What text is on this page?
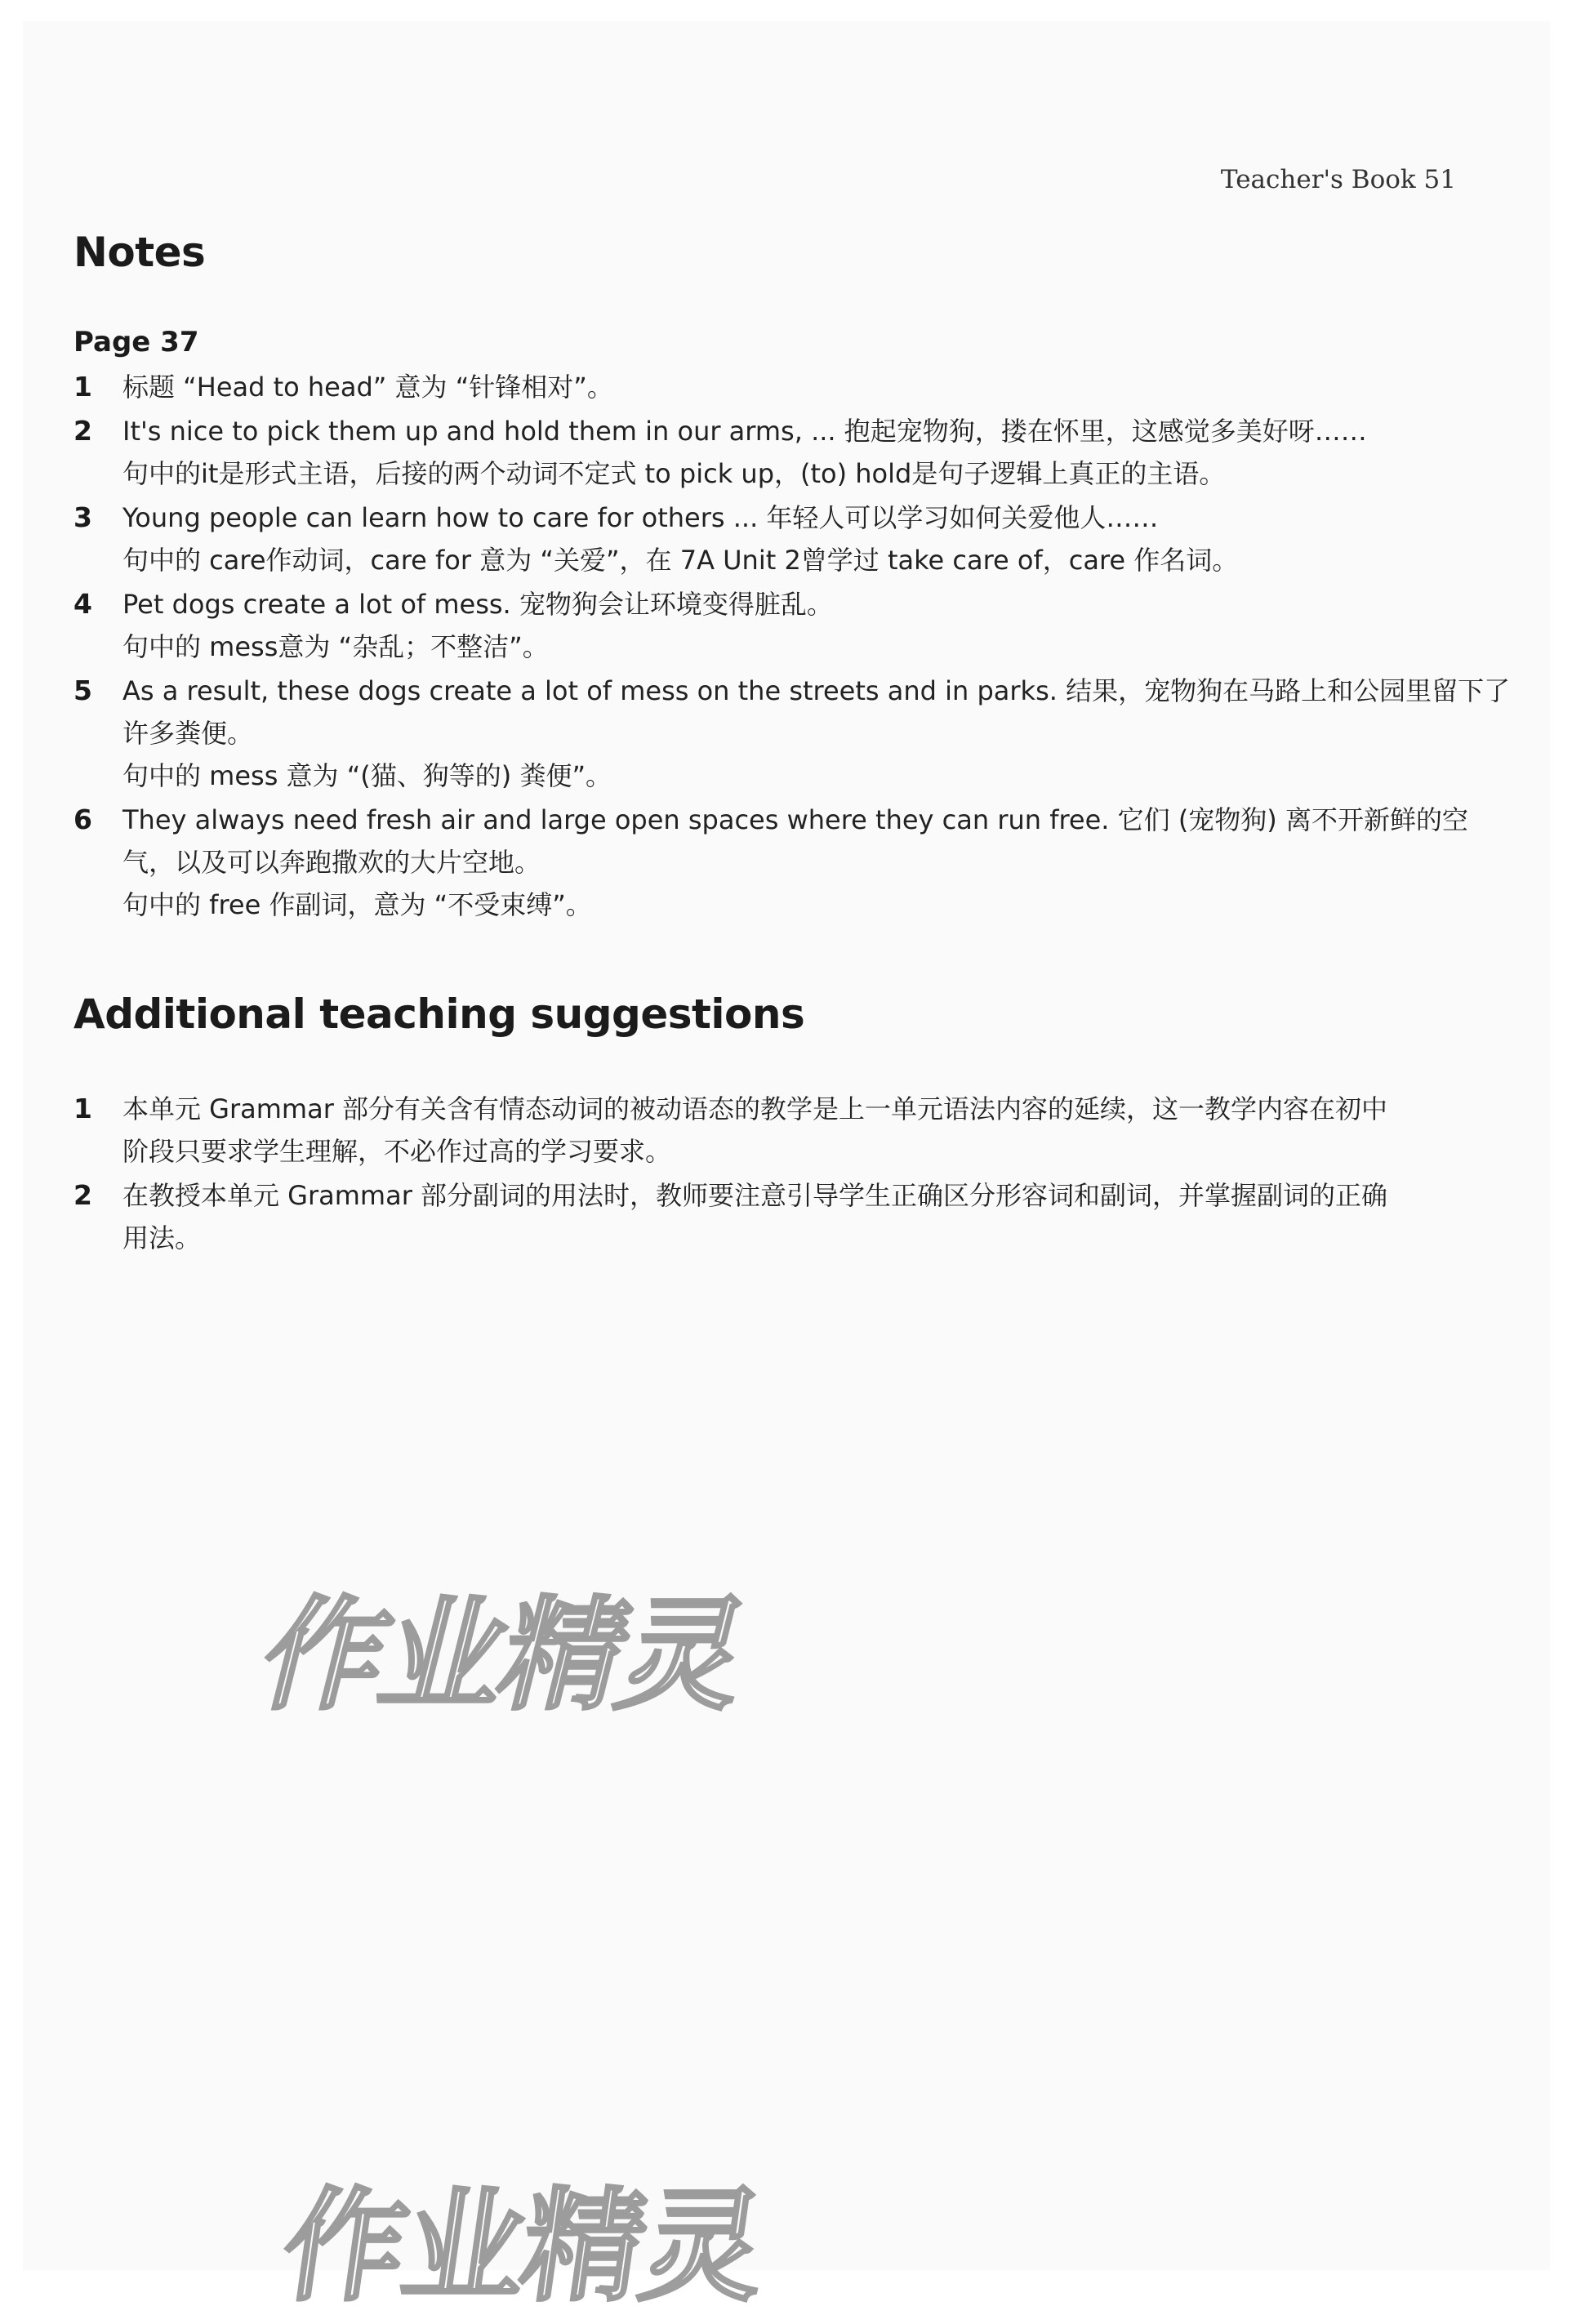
Teacher's Book 51
Notes
Page 37
1 标题 “Head to head” 意为 “针锋相对”。
2 It's nice to pick them up and hold them in our arms, ... 抱起宠物狗，搂在怀里，这感觉多美好呀……
句中的it是形式主语，后接的两个动词不定式 to pick up，(to) hold是句子逻辑上真正的主语。
3 Young people can learn how to care for others ... 年轻人可以学习如何关爱他人……
句中的 care作动词，care for 意为 “关爱”，在 7A Unit 2曾学过 take care of，care 作名词。
4 Pet dogs create a lot of mess. 宠物狗会让环境变得脏乱。
句中的 mess意为 “杂乱；不整洁”。
5 As a result, these dogs create a lot of mess on the streets and in parks. 结果，宠物狗在马路上和公园里留下了
许多粪便。
句中的 mess 意为 “(猫、狗等的) 粪便”。
6 They always need fresh air and large open spaces where they can run free. 它们 (宠物狗) 离不开新鲜的空
气，以及可以奔跑撒欢的大片空地。
句中的 free 作副词，意为 “不受束缚”。
Additional teaching suggestions
1 本单元 Grammar 部分有关含有情态动词的被动语态的教学是上一单元语法内容的延续，这一教学内容在初中
阶段只要求学生理解，不必作过高的学习要求。
2 在教授本单元 Grammar 部分副词的用法时，教师要注意引导学生正确区分形容词和副词，并掌握副词的正确
用法。
作业精灵
作业精灵
